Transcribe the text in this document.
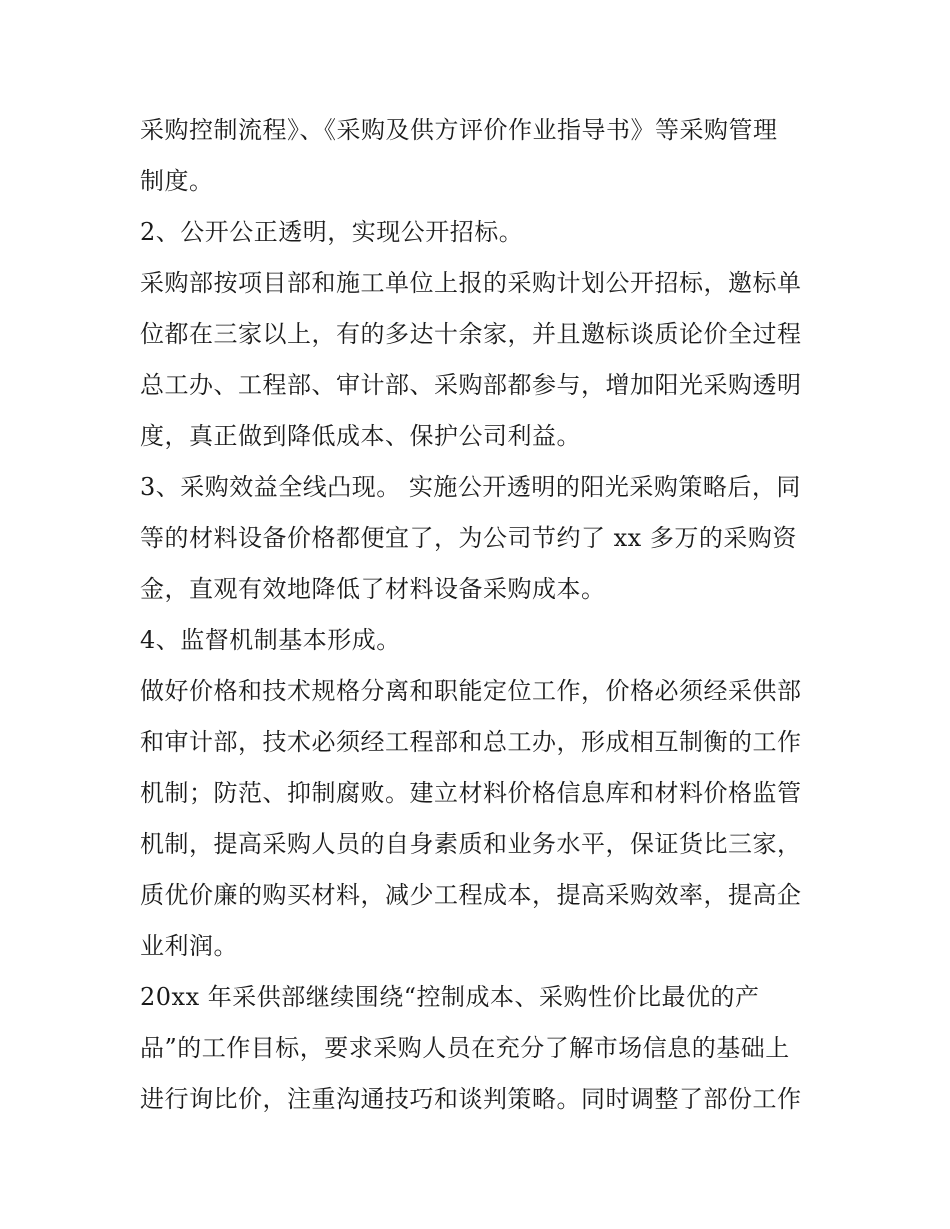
采购控制流程》、《采购及供方评价作业指导书》等采购管理
制度。
2、公开公正透明，实现公开招标。
采购部按项目部和施工单位上报的采购计划公开招标，邀标单
位都在三家以上，有的多达十余家，并且邀标谈质论价全过程
总工办、工程部、审计部、采购部都参与，增加阳光采购透明
度，真正做到降低成本、保护公司利益。
3、采购效益全线凸现。 实施公开透明的阳光采购策略后，同
等的材料设备价格都便宜了，为公司节约了 xx 多万的采购资
金，直观有效地降低了材料设备采购成本。
4、监督机制基本形成。
做好价格和技术规格分离和职能定位工作，价格必须经采供部
和审计部，技术必须经工程部和总工办，形成相互制衡的工作
机制；防范、抑制腐败。建立材料价格信息库和材料价格监管
机制，提高采购人员的自身素质和业务水平，保证货比三家，
质优价廉的购买材料，减少工程成本，提高采购效率，提高企
业利润。
20xx 年采供部继续围绕“控制成本、采购性价比最优的产
品”的工作目标，要求采购人员在充分了解市场信息的基础上
进行询比价，注重沟通技巧和谈判策略。同时调整了部份工作
